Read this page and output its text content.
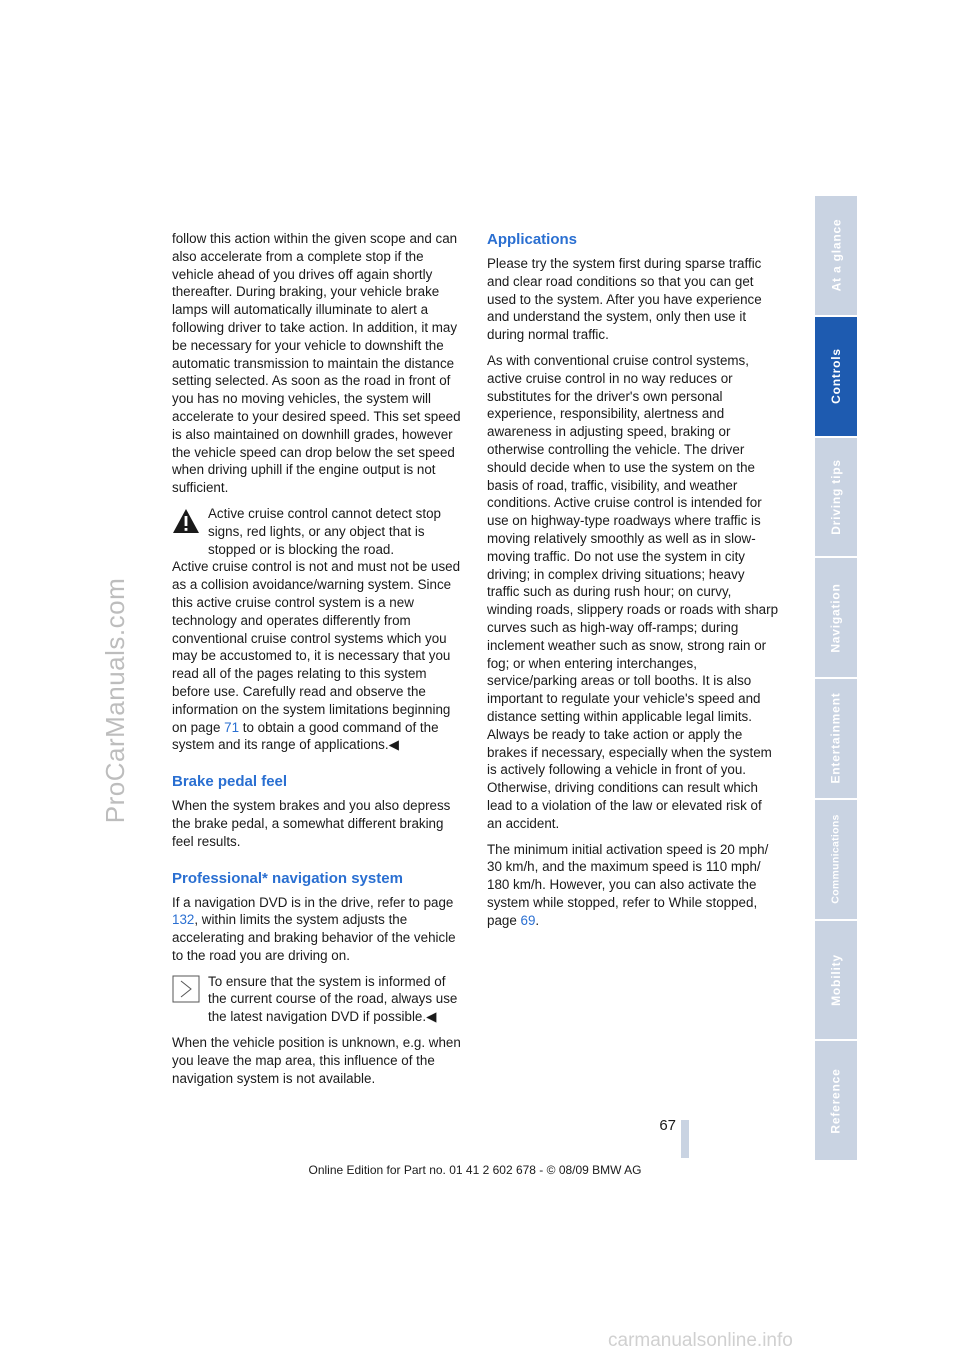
ProCarManuals.com

follow this action within the given scope and can also accelerate from a complete stop if the vehicle ahead of you drives off again shortly thereafter. During braking, your vehicle brake lamps will automatically illuminate to alert a following driver to take action. In addition, it may be necessary for your vehicle to downshift the automatic transmission to maintain the distance setting selected. As soon as the road in front of you has no moving vehicles, the system will accelerate to your desired speed. This set speed is also maintained on downhill grades, however the vehicle speed can drop below the set speed when driving uphill if the engine output is not sufficient.

Active cruise control cannot detect stop signs, red lights, or any object that is stopped or is blocking the road.

Active cruise control is not and must not be used as a collision avoidance/warning system. Since this active cruise control system is a new technology and operates differently from conventional cruise control systems which you may be accustomed to, it is necessary that you read all of the pages relating to this system before use. Carefully read and observe the information on the system limitations beginning on page 71 to obtain a good command of the system and its range of applications.◀

Brake pedal feel

When the system brakes and you also depress the brake pedal, a somewhat different braking feel results.

Professional* navigation system

If a navigation DVD is in the drive, refer to page 132, within limits the system adjusts the accelerating and braking behavior of the vehicle to the road you are driving on.

To ensure that the system is informed of the current course of the road, always use the latest navigation DVD if possible.◀

When the vehicle position is unknown, e.g. when you leave the map area, this influence of the navigation system is not available.

Applications

Please try the system first during sparse traffic and clear road conditions so that you can get used to the system. After you have experience and understand the system, only then use it during normal traffic.

As with conventional cruise control systems, active cruise control in no way reduces or substitutes for the driver's own personal experience, responsibility, alertness and awareness in adjusting speed, braking or otherwise controlling the vehicle. The driver should decide when to use the system on the basis of road, traffic, visibility, and weather conditions. Active cruise control is intended for use on highway-type roadways where traffic is moving relatively smoothly as well as in slow-moving traffic. Do not use the system in city driving; in complex driving situations; heavy traffic such as during rush hour; on curvy, winding roads, slippery roads or roads with sharp curves such as high-way off-ramps; during inclement weather such as snow, strong rain or fog; or when entering interchanges, service/parking areas or toll booths. It is also important to regulate your vehicle's speed and distance setting within applicable legal limits. Always be ready to take action or apply the brakes if necessary, especially when the system is actively following a vehicle in front of you. Otherwise, driving conditions can result which lead to a violation of the law or elevated risk of an accident.

The minimum initial activation speed is 20 mph/ 30 km/h, and the maximum speed is 110 mph/ 180 km/h. However, you can also activate the system while stopped, refer to While stopped, page 69.

At a glance
Controls
Driving tips
Navigation
Entertainment
Communications
Mobility
Reference
67
Online Edition for Part no. 01 41 2 602 678 - © 08/09 BMW AG
carmanualsonline.info
